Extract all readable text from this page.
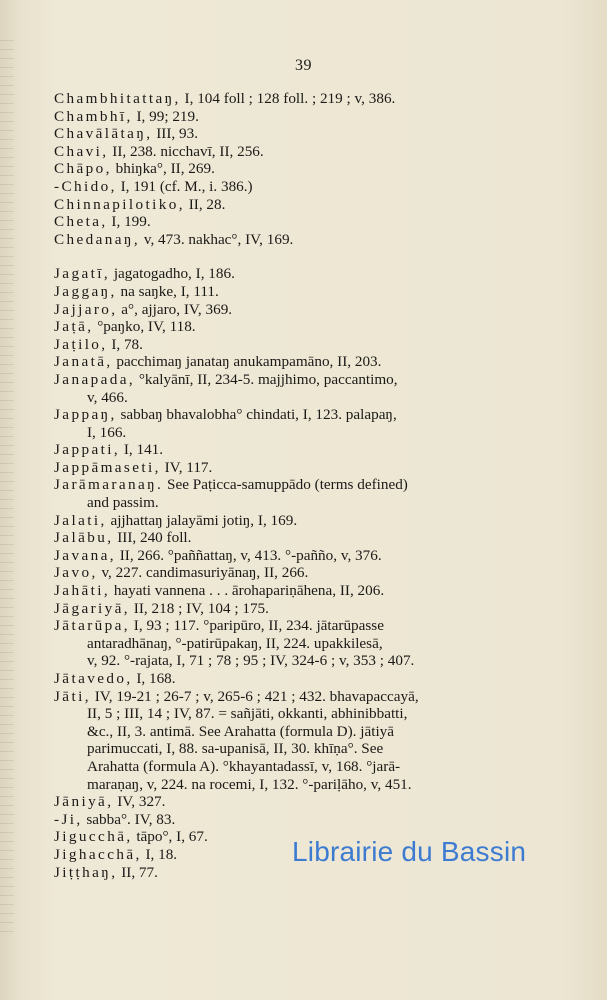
39
Chambhitattaŋ, I, 104 foll ; 128 foll. ; 219 ; v, 386.
Chambhī, I, 99; 219.
Chavālātaŋ, III, 93.
Chavi, II, 238. nicchavī, II, 256.
Chāpo, bhiŋka°, II, 269.
-Chido, I, 191 (cf. M., i. 386.)
Chinnapilotiko, II, 28.
Cheta, I, 199.
Chedanaŋ, v, 473. nakhac°, IV, 169.
Jagatī, jagatogadho, I, 186.
Jaggaŋ, na saŋke, I, 111.
Jajjaro, a°, ajjaro, IV, 369.
Jaṭā, °paŋko, IV, 118.
Jaṭilo, I, 78.
Janatā, pacchimaŋ janataŋ anukampamāno, II, 203.
Janapada, °kalyānī, II, 234-5. majjhimo, paccantimo,
v, 466.
Jappaŋ, sabbaŋ bhavalobha° chindati, I, 123. palapaŋ,
I, 166.
Jappati, I, 141.
Jappāmaseti, IV, 117.
Jarāmaranaŋ. See Paṭicca-samuppādo (terms defined)
and passim.
Jalati, ajjhattaŋ jalayāmi jotiŋ, I, 169.
Jalābu, III, 240 foll.
Javana, II, 266. °paññattaŋ, v, 413. °-pañño, v, 376.
Javo, v, 227. candimasuriyānaŋ, II, 266.
Jahāti, hayati vannena . . . ārohapariṇāhena, II, 206.
Jāgariyā, II, 218 ; IV, 104 ; 175.
Jātarūpa, I, 93 ; 117. °paripūro, II, 234. jātarūpasse
antaradhānaŋ, °-patirūpakaŋ, II, 224. upakkilesā,
v, 92. °-rajata, I, 71 ; 78 ; 95 ; IV, 324-6 ; v, 353 ; 407.
Jātavedo, I, 168.
Jāti, IV, 19-21 ; 26-7 ; v, 265-6 ; 421 ; 432. bhavapaccayā,
II, 5 ; III, 14 ; IV, 87. = sañjāti, okkanti, abhinibbatti,
&c., II, 3. antimā. See Arahatta (formula D). jātiyā
parimuccati, I, 88. sa-upanisā, II, 30. khīṇa°. See
Arahatta (formula A). °khayantadassī, v, 168. °jarā-
maraṇaŋ, v, 224. na rocemi, I, 132. °-pariḷāho, v, 451.
Jāniyā, IV, 327.
-Ji, sabba°. IV, 83.
Jigucchā, tāpo°, I, 67.
Jighacchā, I, 18.
Jiṭṭhaŋ, II, 77.
Librairie du Bassin
